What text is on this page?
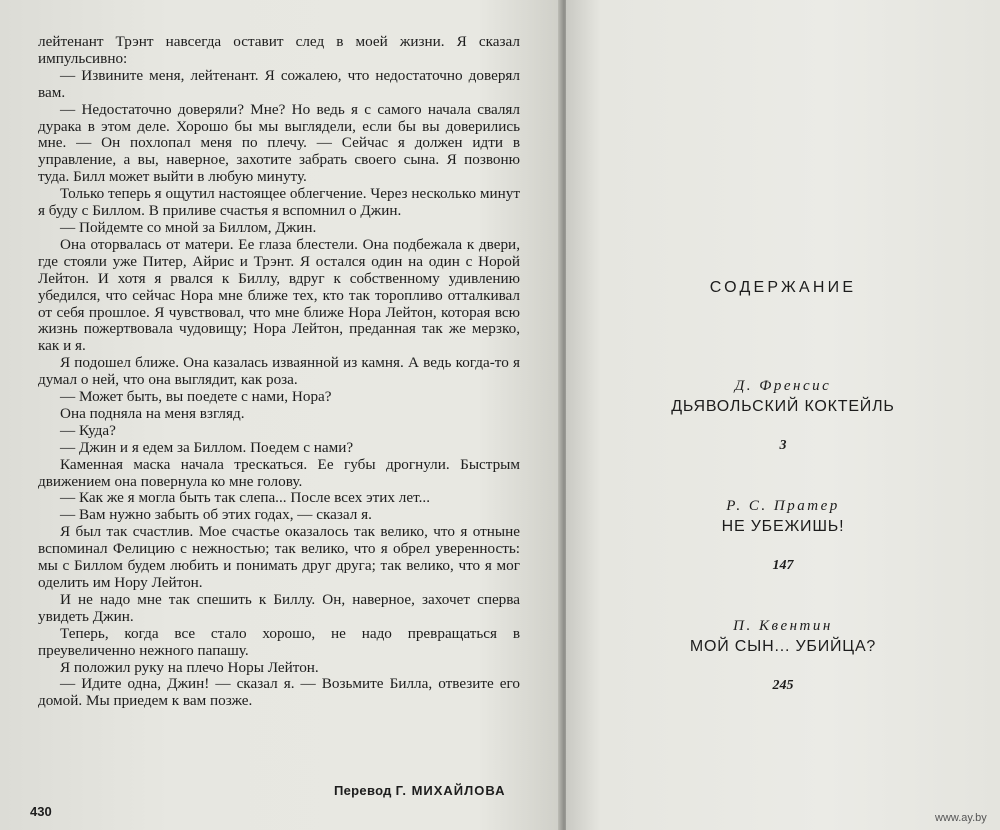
лейтенант Трэнт навсегда оставит след в моей жизни. Я сказал импульсивно:

— Извините меня, лейтенант. Я сожалею, что недостаточно доверял вам.

— Недостаточно доверяли? Мне? Но ведь я с самого начала свалял дурака в этом деле. Хорошо бы мы выглядели, если бы вы доверились мне. — Он похлопал меня по плечу. — Сейчас я должен идти в управление, а вы, наверное, захотите забрать своего сына. Я позвоню туда. Билл может выйти в любую минуту.

Только теперь я ощутил настоящее облегчение. Через несколько минут я буду с Биллом. В приливе счастья я вспомнил о Джин.

— Пойдемте со мной за Биллом, Джин.

Она оторвалась от матери. Ее глаза блестели. Она подбежала к двери, где стояли уже Питер, Айрис и Трэнт. Я остался один на один с Норой Лейтон. И хотя я рвался к Биллу, вдруг к собственному удивлению убедился, что сейчас Нора мне ближе тех, кто так торопливо отталкивал от себя прошлое. Я чувствовал, что мне ближе Нора Лейтон, которая всю жизнь пожертвовала чудовищу; Нора Лейтон, преданная так же мерзко, как и я.

Я подошел ближе. Она казалась изваянной из камня. А ведь когда-то я думал о ней, что она выглядит, как роза.

— Может быть, вы поедете с нами, Нора?

Она подняла на меня взгляд.

— Куда?

— Джин и я едем за Биллом. Поедем с нами?

Каменная маска начала трескаться. Ее губы дрогнули. Быстрым движением она повернула ко мне голову.

— Как же я могла быть так слепа... После всех этих лет...

— Вам нужно забыть об этих годах, — сказал я.

Я был так счастлив. Мое счастье оказалось так велико, что я отныне вспоминал Фелицию с нежностью; так велико, что я обрел уверенность: мы с Биллом будем любить и понимать друг друга; так велико, что я мог оделить им Нору Лейтон.

И не надо мне так спешить к Биллу. Он, наверное, захочет сперва увидеть Джин.

Теперь, когда все стало хорошо, не надо превращаться в преувеличенно нежного папашу.

Я положил руку на плечо Норы Лейтон.

— Идите одна, Джин! — сказал я. — Возьмите Билла, отвезите его домой. Мы приедем к вам позже.

Перевод Г. МИХАЙЛОВА
430
СОДЕРЖАНИЕ
Д. Френсис
ДЬЯВОЛЬСКИЙ КОКТЕЙЛЬ
3
Р. С. Пратер
НЕ УБЕЖИШЬ!
147
П. Квентин
МОЙ СЫН... УБИЙЦА?
245
www.ay.by
